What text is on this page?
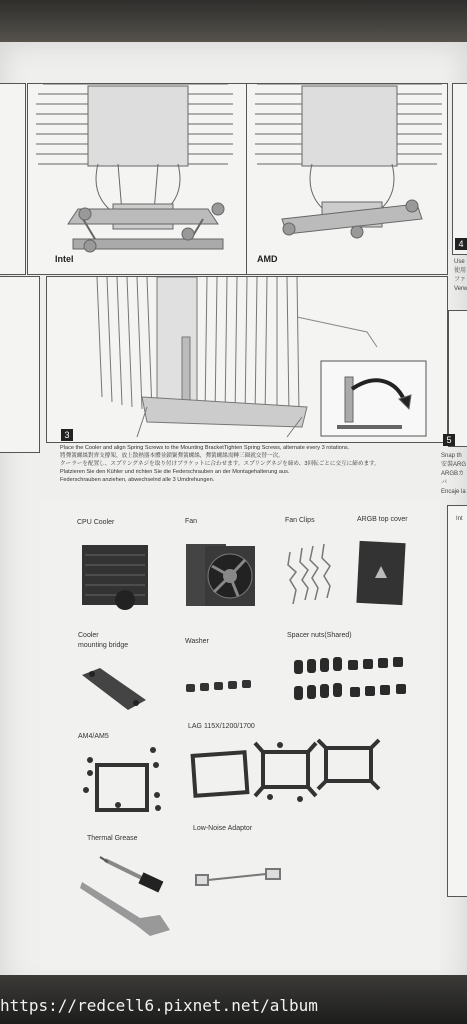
Intel	AMD
3
4
Use
使用
ファ
Verw
5
Snap th
安裝ARG
ARGBカバ
Encaje la
Place the Cooler and align Spring Screws to the Mounting BracketTighten Spring Screws, alternate every 3 rotations.
將彈簧螺絲對齊支撐架，放上散熱器本體並鎖緊彈簧螺絲，彈簧螺絲需轉三圈就交替一次。
クーラーを配置し、スプリングネジを取り付けブラケットに合わせます。スプリングネジを締め、3回転ごとに交互に締めます。
Platzieren Sie den Kühler und richten Sie die Federschrauben an der Montagehalterung aus.
Federschrauben anziehen, abwechselnd alle 3 Umdrehungen.
Int
CPU Cooler	Fan	Fan Clips	ARGB top cover
Cooler
mounting bridge
Washer
Spacer nuts(Shared)
AM4/AM5
LAG 115X/1200/1700
Thermal Grease
Low-Noise Adaptor
https://redcell6.pixnet.net/album
